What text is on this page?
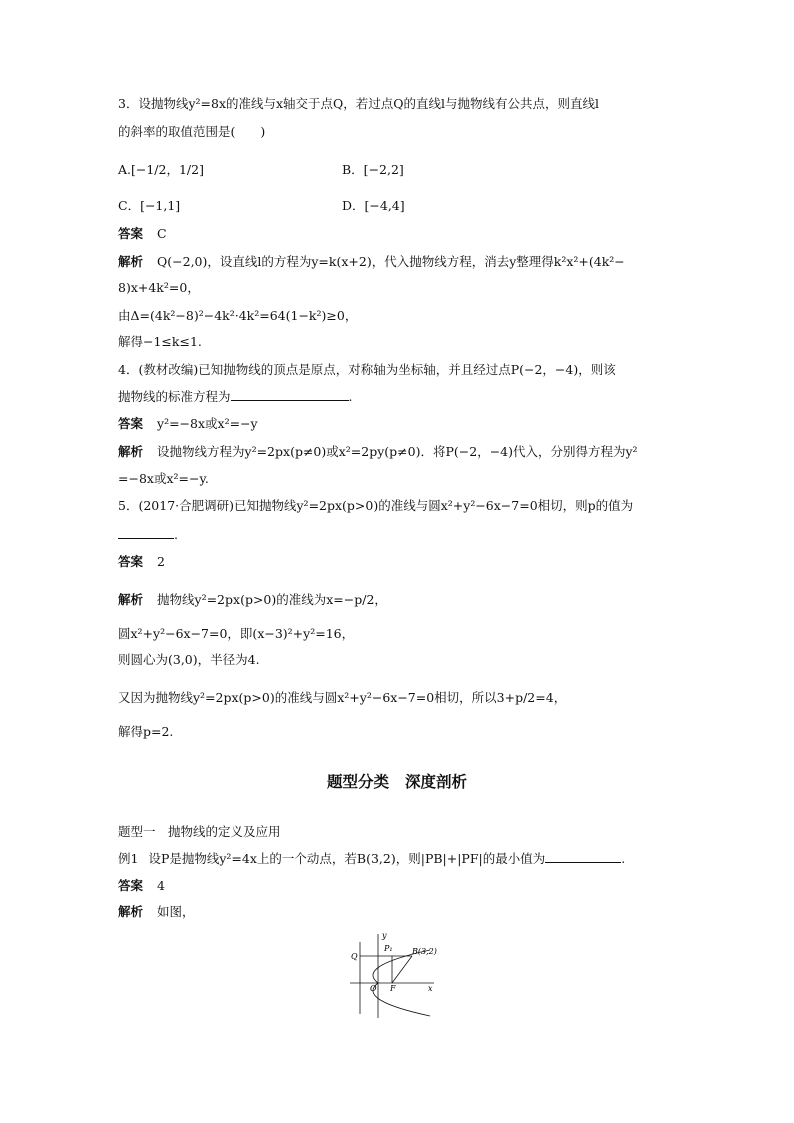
3．设抛物线y²=8x的准线与x轴交于点Q，若过点Q的直线l与抛物线有公共点，则直线l
的斜率的取值范围是(　　)
A.[−1/2，1/2]	B．[−2,2]
C．[−1,1]	D．[−4,4]
答案 C
解析 Q(−2,0)，设直线l的方程为y=k(x+2)，代入抛物线方程，消去y整理得k²x²+(4k²−
8)x+4k²=0，
由Δ=(4k²−8)²−4k²·4k²=64(1−k²)≥0，
解得−1≤k≤1.
4．(教材改编)已知抛物线的顶点是原点，对称轴为坐标轴，并且经过点P(−2，−4)，则该
抛物线的标准方程为	.
答案 y²=−8x或x²=−y
解析 设抛物线方程为y²=2px(p≠0)或x²=2py(p≠0)．将P(−2，−4)代入，分别得方程为y²
=−8x或x²=−y.
5．(2017·合肥调研)已知抛物线y²=2px(p>0)的准线与圆x²+y²−6x−7=0相切，则p的值为
.
答案 2
解析 抛物线y²=2px(p>0)的准线为x=−p/2，
圆x²+y²−6x−7=0，即(x−3)²+y²=16，
则圆心为(3,0)，半径为4.
又因为抛物线y²=2px(p>0)的准线与圆x²+y²−6x−7=0相切，所以3+p/2=4，
解得p=2.
题型分类 深度剖析
题型一　抛物线的定义及应用
例1 设P是抛物线y²=4x上的一个动点，若B(3,2)，则|PB|+|PF|的最小值为	.
答案 4
解析 如图，
y
x
O F
Q
P₁ B(3,2)
